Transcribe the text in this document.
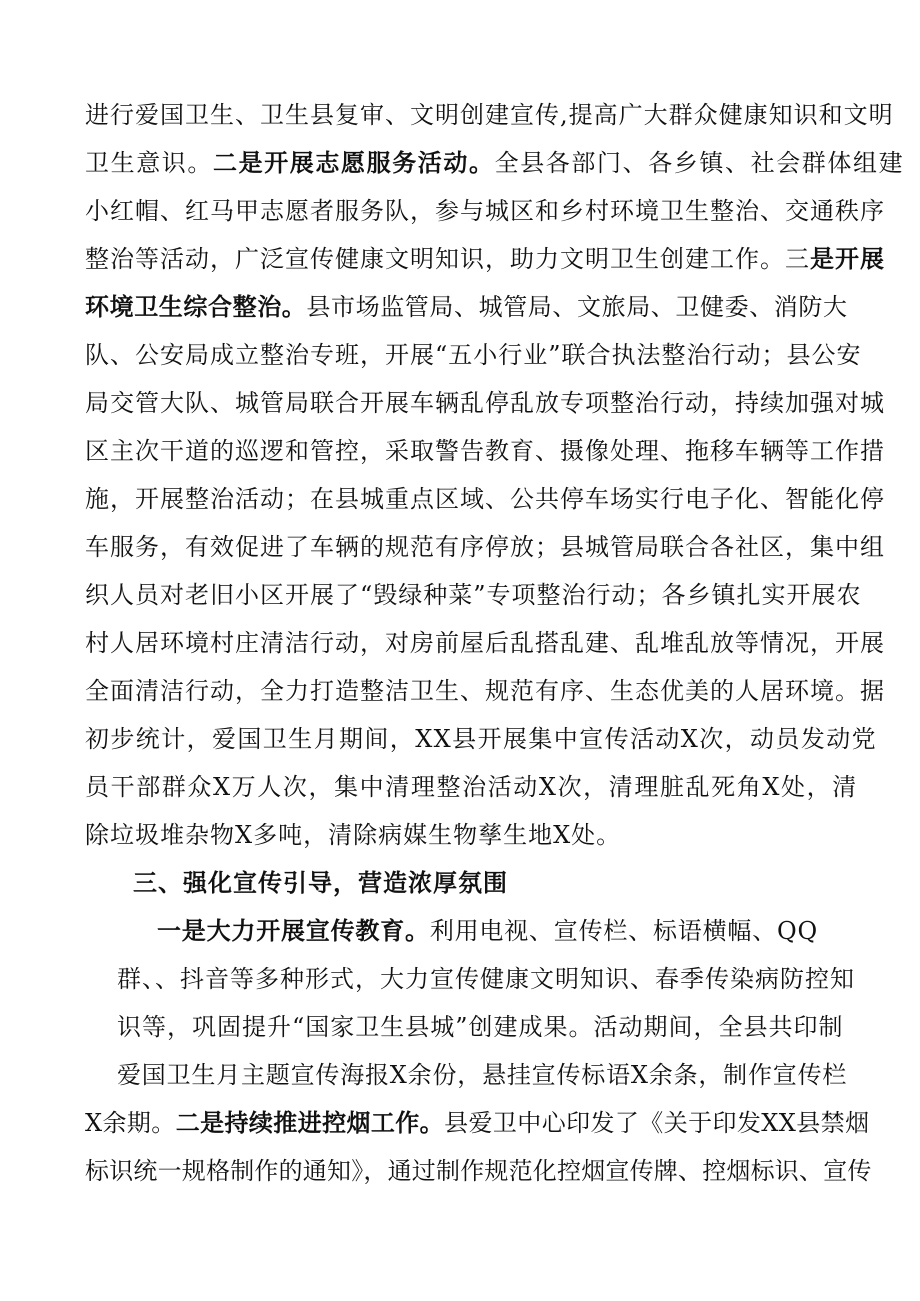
进行爱国卫生、卫生县复审、文明创建宣传,提高广大群众健康知识和文明

卫生意识。二是开展志愿服务活动。全县各部门、各乡镇、社会群体组建

小红帽、红马甲志愿者服务队，参与城区和乡村环境卫生整治、交通秩序

整治等活动，广泛宣传健康文明知识，助力文明卫生创建工作。三是开展

环境卫生综合整治。县市场监管局、城管局、文旅局、卫健委、消防大

队、公安局成立整治专班，开展“五小行业”联合执法整治行动；县公安

局交管大队、城管局联合开展车辆乱停乱放专项整治行动，持续加强对城

区主次干道的巡逻和管控，采取警告教育、摄像处理、拖移车辆等工作措

施，开展整治活动；在县城重点区域、公共停车场实行电子化、智能化停

车服务，有效促进了车辆的规范有序停放；县城管局联合各社区，集中组

织人员对老旧小区开展了“毁绿种菜”专项整治行动；各乡镇扎实开展农

村人居环境村庄清洁行动，对房前屋后乱搭乱建、乱堆乱放等情况，开展

全面清洁行动，全力打造整洁卫生、规范有序、生态优美的人居环境。据

初步统计，爱国卫生月期间，XX县开展集中宣传活动X次，动员发动党

员干部群众X万人次，集中清理整治活动X次，清理脏乱死角X处，清

除垃圾堆杂物X多吨，清除病媒生物孳生地X处。

三、强化宣传引导，营造浓厚氛围

一是大力开展宣传教育。利用电视、宣传栏、标语横幅、QQ

群、、抖音等多种形式，大力宣传健康文明知识、春季传染病防控知

识等，巩固提升“国家卫生县城”创建成果。活动期间，全县共印制

爱国卫生月主题宣传海报X余份，悬挂宣传标语X余条，制作宣传栏

X余期。二是持续推进控烟工作。县爱卫中心印发了《关于印发XX县禁烟

标识统一规格制作的通知》，通过制作规范化控烟宣传牌、控烟标识、宣传
